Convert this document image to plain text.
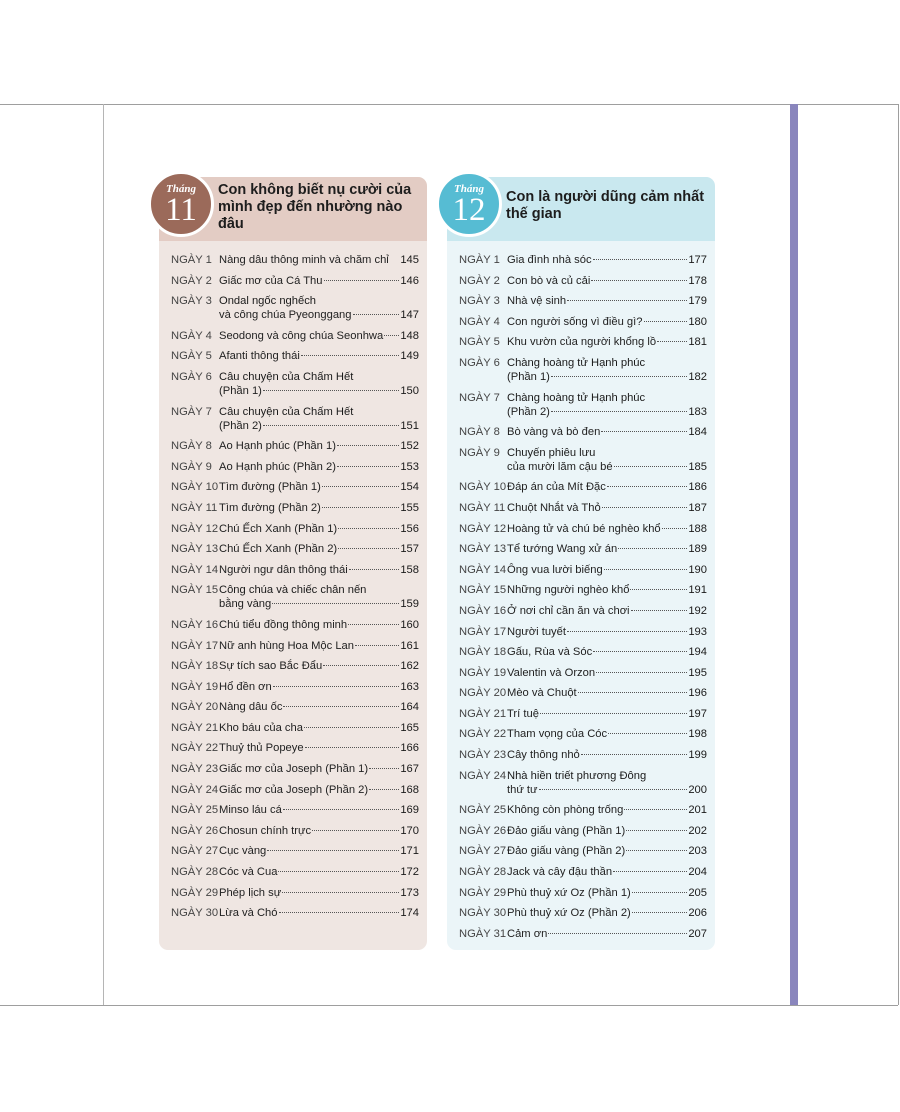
Con không biết nụ cười của mình đẹp đến nhường nào đâu
NGÀY 1 Nàng dâu thông minh và chăm chỉ 145
NGÀY 2 Giấc mơ của Cá Thu	146
NGÀY 3 Ondal ngốc nghếch
và công chúa Pyeonggang	147
NGÀY 4 Seodong và công chúa Seonhwa 148
NGÀY 5 Afanti thông thái	149
NGÀY 6 Câu chuyện của Chấm Hết
(Phần 1)	150
NGÀY 7 Câu chuyện của Chấm Hết
(Phần 2)	151
NGÀY 8 Ao Hạnh phúc (Phần 1)	152
NGÀY 9 Ao Hạnh phúc (Phần 2)	153
NGÀY 10 Tìm đường (Phần 1)	154
NGÀY 11 Tìm đường (Phần 2)	155
NGÀY 12 Chú Ếch Xanh (Phần 1)	156
NGÀY 13 Chú Ếch Xanh (Phần 2)	157
NGÀY 14 Người ngư dân thông thái	158
NGÀY 15 Công chúa và chiếc chân nến
bằng vàng	159
NGÀY 16 Chú tiểu đồng thông minh	160
NGÀY 17 Nữ anh hùng Hoa Mộc Lan	161
NGÀY 18 Sự tích sao Bắc Đẩu	162
NGÀY 19 Hổ đền ơn	163
NGÀY 20 Nàng dâu ốc	164
NGÀY 21 Kho báu của cha	165
NGÀY 22 Thuỷ thủ Popeye	166
NGÀY 23 Giấc mơ của Joseph (Phần 1)	167
NGÀY 24 Giấc mơ của Joseph (Phần 2)	168
NGÀY 25 Minso láu cá	169
NGÀY 26 Chosun chính trực	170
NGÀY 27 Cục vàng	171
NGÀY 28 Cóc và Cua	172
NGÀY 29 Phép lịch sự	173
NGÀY 30 Lừa và Chó	174
Tháng
11	Con là người dũng cảm nhất thế gian
NGÀY 1 Gia đình nhà sóc	177
NGÀY 2 Con bò và củ cải	178
NGÀY 3 Nhà vệ sinh	179
NGÀY 4 Con người sống vì điều gì?	180
NGÀY 5 Khu vườn của người khổng lồ	181
NGÀY 6 Chàng hoàng tử Hạnh phúc
(Phần 1)	182
NGÀY 7 Chàng hoàng tử Hạnh phúc
(Phần 2)	183
NGÀY 8 Bò vàng và bò đen	184
NGÀY 9 Chuyến phiêu lưu
của mười lăm cậu bé	185
NGÀY 10 Đáp án của Mít Đặc	186
NGÀY 11 Chuột Nhắt và Thỏ	187
NGÀY 12 Hoàng tử và chú bé nghèo khổ 188
NGÀY 13 Tể tướng Wang xử án	189
NGÀY 14 Ông vua lười biếng	190
NGÀY 15 Những người nghèo khổ	191
NGÀY 16 Ở nơi chỉ cần ăn và chơi	192
NGÀY 17 Người tuyết	193
NGÀY 18 Gấu, Rùa và Sóc	194
NGÀY 19 Valentin và Orzon	195
NGÀY 20 Mèo và Chuột	196
NGÀY 21 Trí tuệ	197
NGÀY 22 Tham vọng của Cóc	198
NGÀY 23 Cây thông nhỏ	199
NGÀY 24 Nhà hiền triết phương Đông
thứ tư	200
NGÀY 25 Không còn phòng trống	201
NGÀY 26 Đảo giấu vàng (Phần 1)	202
NGÀY 27 Đảo giấu vàng (Phần 2)	203
NGÀY 28 Jack và cây đậu thần	204
NGÀY 29 Phù thuỷ xứ Oz (Phần 1)	205
NGÀY 30 Phù thuỷ xứ Oz (Phần 2)	206
NGÀY 31 Cảm ơn	207
Tháng
12
